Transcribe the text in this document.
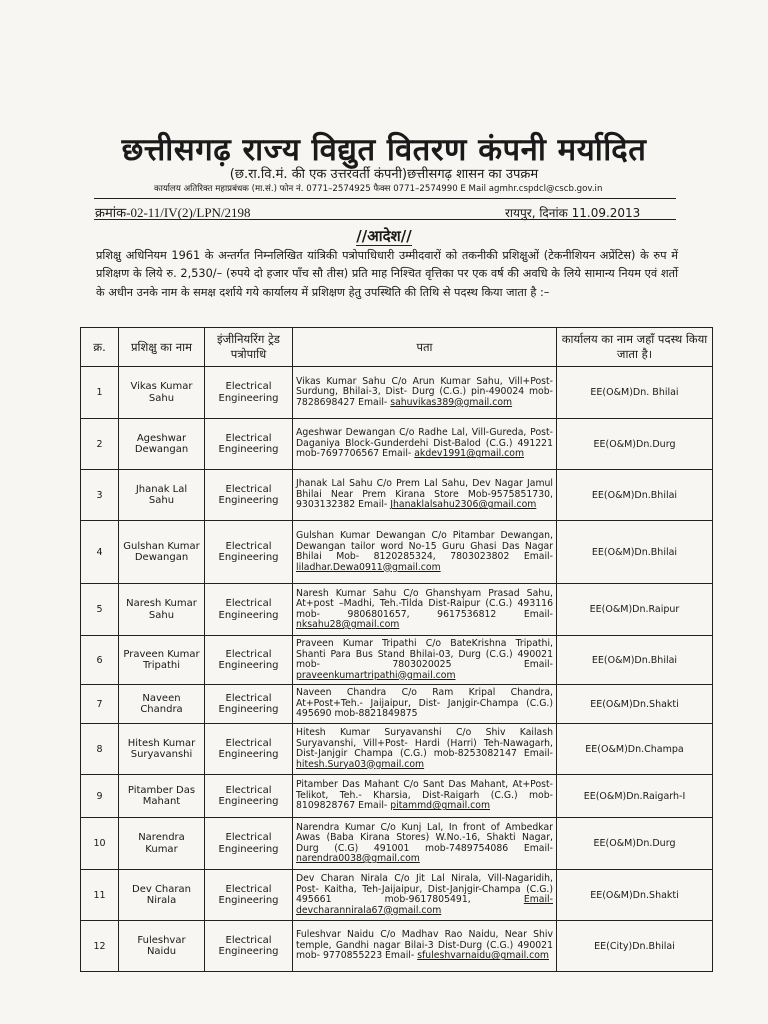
छत्तीसगढ़ राज्य विद्युत वितरण कंपनी मर्यादित
(छ.रा.वि.मं. की एक उत्तरवर्ती कंपनी)छत्तीसगढ़ शासन का उपक्रम
कार्यालय अतिरिक्त महाप्रबंधक (मा.सं.) फोन नं. 0771–2574925 फैक्स 0771–2574990 E Mail agmhr.cspdcl@cscb.gov.in
क्रमांक-02-11/IV(2)/LPN/2198	रायपुर, दिनांक 11.09.2013
//आदेश//
प्रशिक्षु अधिनियम 1961 के अन्तर्गत निम्नलिखित यांत्रिकी पत्रोपाधिधारी उम्मीदवारों को तकनीकी प्रशिक्षुओं (टेकनीशियन अप्रेंटिस) के रुप में प्रशिक्षण के लिये रु. 2,530/– (रुपये दो हजार पाँच सौ तीस) प्रति माह निश्चित वृत्तिका पर एक वर्ष की अवधि के लिये सामान्य नियम एवं शर्तो के अधीन उनके नाम के समक्ष दर्शाये गये कार्यालय में प्रशिक्षण हेतु उपस्थिति की तिथि से पदस्थ किया जाता है :–
क्र.	प्रशिक्षु का नाम	इंजीनियरिंग ट्रेड पत्रोपाधि	पता	कार्यालय का नाम जहाँ पदस्थ किया जाता है।
1	Vikas Kumar Sahu	Electrical Engineering	Vikas Kumar Sahu C/o Arun Kumar Sahu, Vill+Post- Surdung, Bhilai-3, Dist- Durg (C.G.) pin-490024 mob-7828698427 Email- sahuvikas389@gmail.com	EE(O&M)Dn. Bhilai
2	Ageshwar Dewangan	Electrical Engineering	Ageshwar Dewangan C/o Radhe Lal, Vill-Gureda, Post-Daganiya Block-Gunderdehi Dist-Balod (C.G.) 491221 mob-7697706567 Email- akdev1991@gmail.com	EE(O&M)Dn.Durg
3	Jhanak Lal Sahu	Electrical Engineering	Jhanak Lal Sahu C/o Prem Lal Sahu, Dev Nagar Jamul Bhilai Near Prem Kirana Store Mob-9575851730, 9303132382 Email- Jhanaklalsahu2306@gmail.com	EE(O&M)Dn.Bhilai
4	Gulshan Kumar Dewangan	Electrical Engineering	Gulshan Kumar Dewangan C/o Pitambar Dewangan, Dewangan tailor word No-15 Guru Ghasi Das Nagar Bhilai Mob- 8120285324, 7803023802 Email- liladhar.Dewa0911@gmail.com	EE(O&M)Dn.Bhilai
5	Naresh Kumar Sahu	Electrical Engineering	Naresh Kumar Sahu C/o Ghanshyam Prasad Sahu, At+post –Madhi, Teh.-Tilda Dist-Raipur (C.G.) 493116 mob- 9806801657, 9617536812 Email- nksahu28@gmail.com	EE(O&M)Dn.Raipur
6	Praveen Kumar Tripathi	Electrical Engineering	Praveen Kumar Tripathi C/o BateKrishna Tripathi, Shanti Para Bus Stand Bhilai-03, Durg (C.G.) 490021 mob- 7803020025 Email- praveenkumartripathi@gmail.com	EE(O&M)Dn.Bhilai
7	Naveen Chandra	Electrical Engineering	Naveen Chandra C/o Ram Kripal Chandra, At+Post+Teh.- Jaijaipur, Dist- Janjgir-Champa (C.G.) 495690 mob-8821849875	EE(O&M)Dn.Shakti
8	Hitesh Kumar Suryavanshi	Electrical Engineering	Hitesh Kumar Suryavanshi C/o Shiv Kailash Suryavanshi, Vill+Post- Hardi (Harri) Teh-Nawagarh, Dist-Janjgir Champa (C.G.) mob-8253082147 Email- hitesh.Surya03@gmail.com	EE(O&M)Dn.Champa
9	Pitamber Das Mahant	Electrical Engineering	Pitamber Das Mahant C/o Sant Das Mahant, At+Post-Telikot, Teh.- Kharsia, Dist-Raigarh (C.G.) mob-8109828767 Email- pitammd@gmail.com	EE(O&M)Dn.Raigarh-I
10	Narendra Kumar	Electrical Engineering	Narendra Kumar C/o Kunj Lal, In front of Ambedkar Awas (Baba Kirana Stores) W.No.-16, Shakti Nagar, Durg (C.G) 491001 mob-7489754086 Email- narendra0038@gmail.com	EE(O&M)Dn.Durg
11	Dev Charan Nirala	Electrical Engineering	Dev Charan Nirala C/o Jit Lal Nirala, Vill-Nagaridih, Post- Kaitha, Teh-Jaijaipur, Dist-Janjgir-Champa (C.G.) 495661 mob-9617805491, Email-devcharannirala67@gmail.com	EE(O&M)Dn.Shakti
12	Fuleshvar Naidu	Electrical Engineering	Fuleshvar Naidu C/o Madhav Rao Naidu, Near Shiv temple, Gandhi nagar Bilai-3 Dist-Durg (C.G.) 490021 mob- 9770855223 Email- sfuleshvarnaidu@gmail.com	EE(City)Dn.Bhilai
